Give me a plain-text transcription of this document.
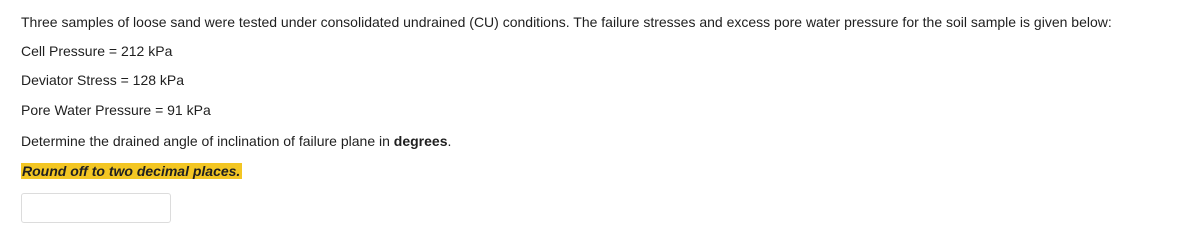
Three samples of loose sand were tested under consolidated undrained (CU) conditions. The failure stresses and excess pore water pressure for the soil sample is given below:
Cell Pressure = 212 kPa
Deviator Stress = 128 kPa
Pore Water Pressure = 91 kPa
Determine the drained angle of inclination of failure plane in degrees.
Round off to two decimal places.
